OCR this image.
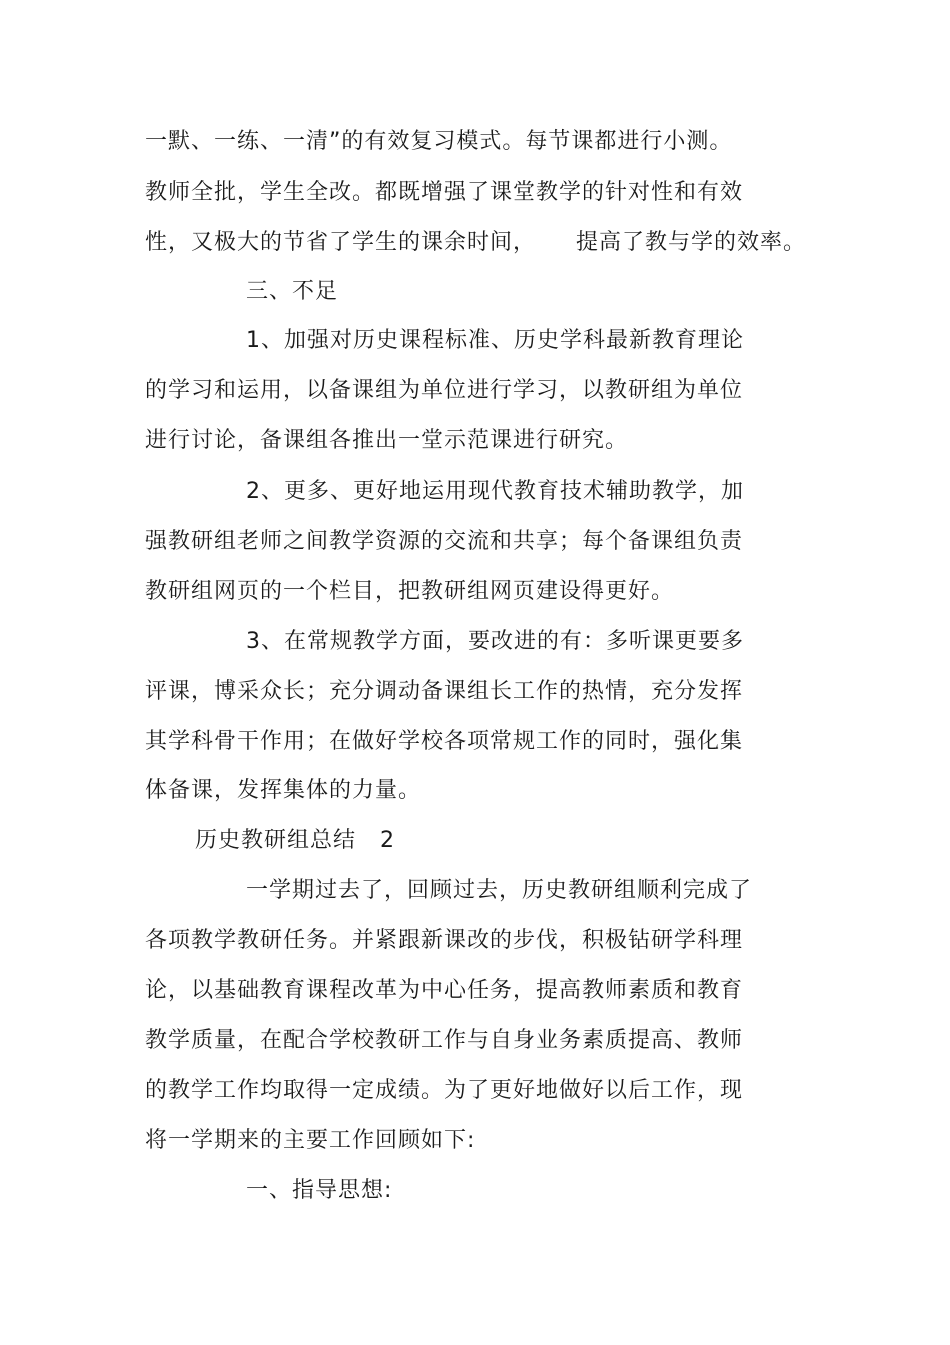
一默、一练、一清”的有效复习模式。每节课都进行小测。
教师全批，学生全改。都既增强了课堂教学的针对性和有效
性，又极大的节省了学生的课余时间，     提高了教与学的效率。
三、不足
1、加强对历史课程标准、历史学科最新教育理论
的学习和运用，以备课组为单位进行学习，以教研组为单位
进行讨论，备课组各推出一堂示范课进行研究。
2、更多、更好地运用现代教育技术辅助教学，加
强教研组老师之间教学资源的交流和共享；每个备课组负责
教研组网页的一个栏目，把教研组网页建设得更好。
3、在常规教学方面，要改进的有：多听课更要多
评课，博采众长；充分调动备课组长工作的热情，充分发挥
其学科骨干作用；在做好学校各项常规工作的同时，强化集
体备课，发挥集体的力量。
历史教研组总结   2
一学期过去了，回顾过去，历史教研组顺利完成了
各项教学教研任务。并紧跟新课改的步伐，积极钻研学科理
论，以基础教育课程改革为中心任务，提高教师素质和教育
教学质量，在配合学校教研工作与自身业务素质提高、教师
的教学工作均取得一定成绩。为了更好地做好以后工作，现
将一学期来的主要工作回顾如下:
一、指导思想:
